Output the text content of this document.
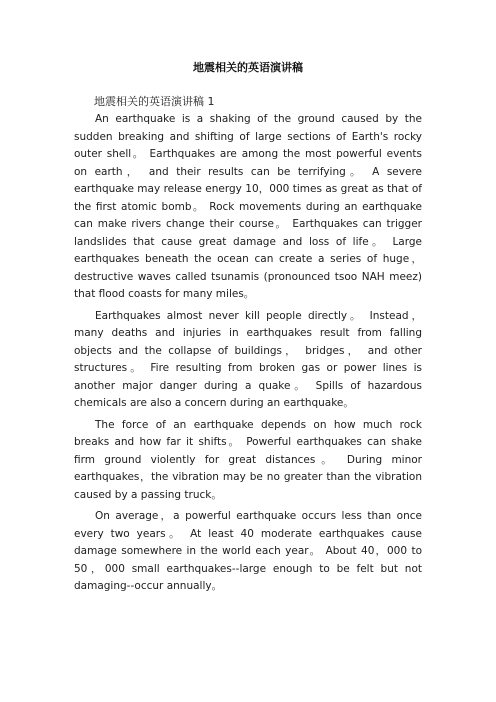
地震相关的英语演讲稿
地震相关的英语演讲稿 1

An earthquake is a shaking of the ground caused by the sudden breaking and shifting of large sections of Earth's rocky outer shell。 Earthquakes are among the most powerful events on earth， and their results can be terrifying。 A severe earthquake may release energy 10，000 times as great as that of the first atomic bomb。 Rock movements during an earthquake can make rivers change their course。 Earthquakes can trigger landslides that cause great damage and loss of life。 Large earthquakes beneath the ocean can create a series of huge，destructive waves called tsunamis (pronounced tsoo NAH meez) that flood coasts for many miles。

Earthquakes almost never kill people directly。 Instead，many deaths and injuries in earthquakes result from falling objects and the collapse of buildings， bridges， and other structures。 Fire resulting from broken gas or power lines is another major danger during a quake。 Spills of hazardous chemicals are also a concern during an earthquake。

The force of an earthquake depends on how much rock breaks and how far it shifts。 Powerful earthquakes can shake firm ground violently for great distances。 During minor earthquakes，the vibration may be no greater than the vibration caused by a passing truck。

On average，a powerful earthquake occurs less than once every two years。 At least 40 moderate earthquakes cause damage somewhere in the world each year。 About 40，000 to 50，000 small earthquakes--large enough to be felt but not damaging--occur annually。
